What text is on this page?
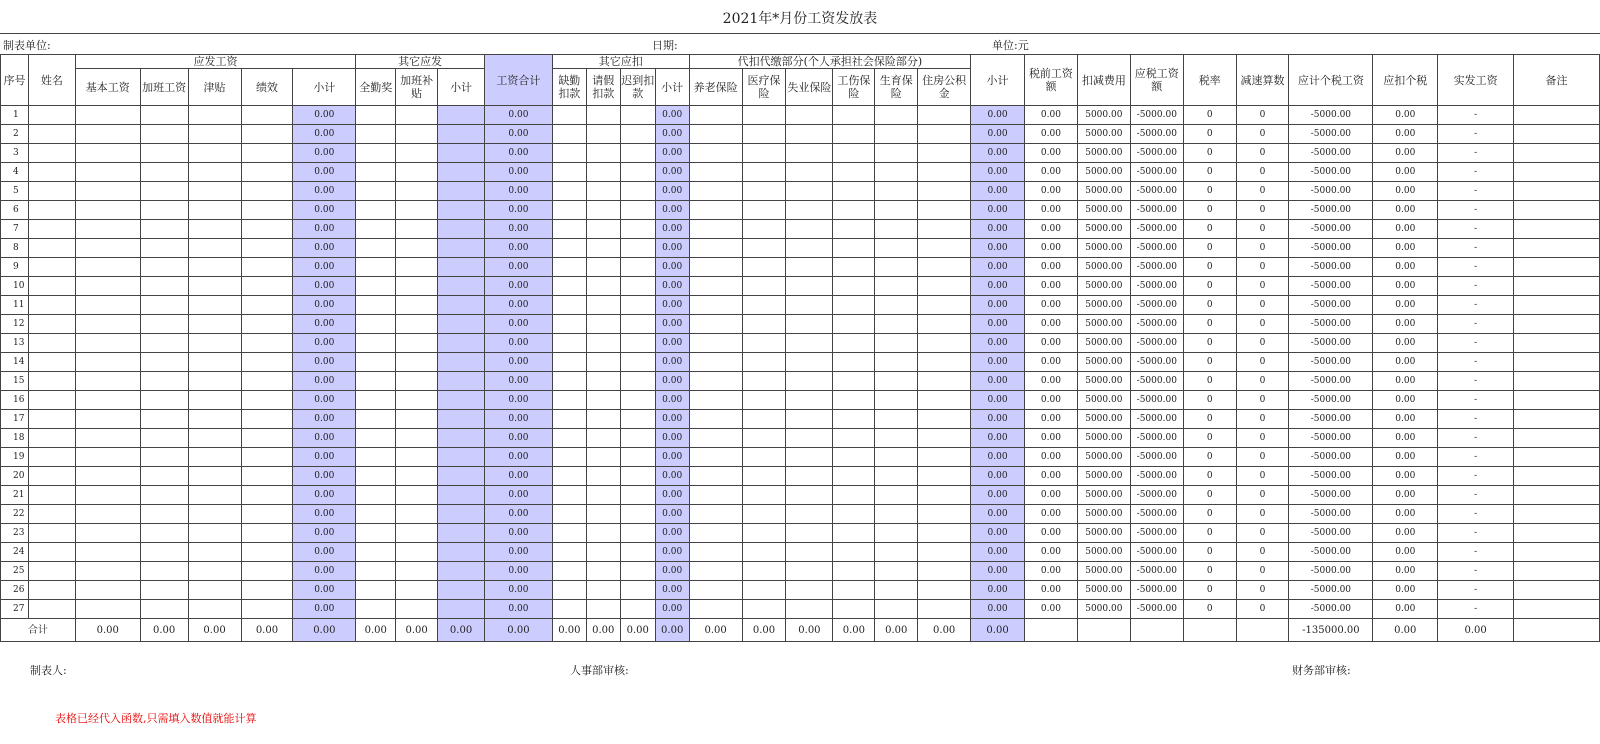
2021年*月份工资发放表
制表单位:	日期:	单位:元
序号	姓名	应发工资					其它应发			工资合计	其它应扣				代扣代缴部分(个人承担社会保险部分)						小计	税前工资额	扣减费用	应税工资额	税率	减速算数	应计个税工资	应扣个税	实发工资	备注
		基本工资	加班工资	津贴	绩效	小计	全勤奖	加班补贴	小计		缺勤扣款	请假扣款	迟到扣款	小计	养老保险	医疗保险	失业保险	工伤保险	生育保险	住房公积金										
1						0.00				0.00				0.00							0.00	0.00	5000.00	-5000.00	0	0	-5000.00	0.00	-	
2						0.00				0.00				0.00							0.00	0.00	5000.00	-5000.00	0	0	-5000.00	0.00	-	
3						0.00				0.00				0.00							0.00	0.00	5000.00	-5000.00	0	0	-5000.00	0.00	-	
4						0.00				0.00				0.00							0.00	0.00	5000.00	-5000.00	0	0	-5000.00	0.00	-	
5						0.00				0.00				0.00							0.00	0.00	5000.00	-5000.00	0	0	-5000.00	0.00	-	
6						0.00				0.00				0.00							0.00	0.00	5000.00	-5000.00	0	0	-5000.00	0.00	-	
7						0.00				0.00				0.00							0.00	0.00	5000.00	-5000.00	0	0	-5000.00	0.00	-	
8						0.00				0.00				0.00							0.00	0.00	5000.00	-5000.00	0	0	-5000.00	0.00	-	
9						0.00				0.00				0.00							0.00	0.00	5000.00	-5000.00	0	0	-5000.00	0.00	-	
10						0.00				0.00				0.00							0.00	0.00	5000.00	-5000.00	0	0	-5000.00	0.00	-	
11						0.00				0.00				0.00							0.00	0.00	5000.00	-5000.00	0	0	-5000.00	0.00	-	
12						0.00				0.00				0.00							0.00	0.00	5000.00	-5000.00	0	0	-5000.00	0.00	-	
13						0.00				0.00				0.00							0.00	0.00	5000.00	-5000.00	0	0	-5000.00	0.00	-	
14						0.00				0.00				0.00							0.00	0.00	5000.00	-5000.00	0	0	-5000.00	0.00	-	
15						0.00				0.00				0.00							0.00	0.00	5000.00	-5000.00	0	0	-5000.00	0.00	-	
16						0.00				0.00				0.00							0.00	0.00	5000.00	-5000.00	0	0	-5000.00	0.00	-	
17						0.00				0.00				0.00							0.00	0.00	5000.00	-5000.00	0	0	-5000.00	0.00	-	
18						0.00				0.00				0.00							0.00	0.00	5000.00	-5000.00	0	0	-5000.00	0.00	-	
19						0.00				0.00				0.00							0.00	0.00	5000.00	-5000.00	0	0	-5000.00	0.00	-	
20						0.00				0.00				0.00							0.00	0.00	5000.00	-5000.00	0	0	-5000.00	0.00	-	
21						0.00				0.00				0.00							0.00	0.00	5000.00	-5000.00	0	0	-5000.00	0.00	-	
22						0.00				0.00				0.00							0.00	0.00	5000.00	-5000.00	0	0	-5000.00	0.00	-	
23						0.00				0.00				0.00							0.00	0.00	5000.00	-5000.00	0	0	-5000.00	0.00	-	
24						0.00				0.00				0.00							0.00	0.00	5000.00	-5000.00	0	0	-5000.00	0.00	-	
25						0.00				0.00				0.00							0.00	0.00	5000.00	-5000.00	0	0	-5000.00	0.00	-	
26						0.00				0.00				0.00							0.00	0.00	5000.00	-5000.00	0	0	-5000.00	0.00	-	
27						0.00				0.00				0.00							0.00	0.00	5000.00	-5000.00	0	0	-5000.00	0.00	-	
合计		0.00	0.00	0.00	0.00	0.00	0.00	0.00	0.00	0.00	0.00	0.00	0.00	0.00	0.00	0.00	0.00	0.00	0.00	0.00	0.00						-135000.00	0.00	0.00	
制表人:	人事部审核:	财务部审核:
表格已经代入函数,只需填入数值就能计算
